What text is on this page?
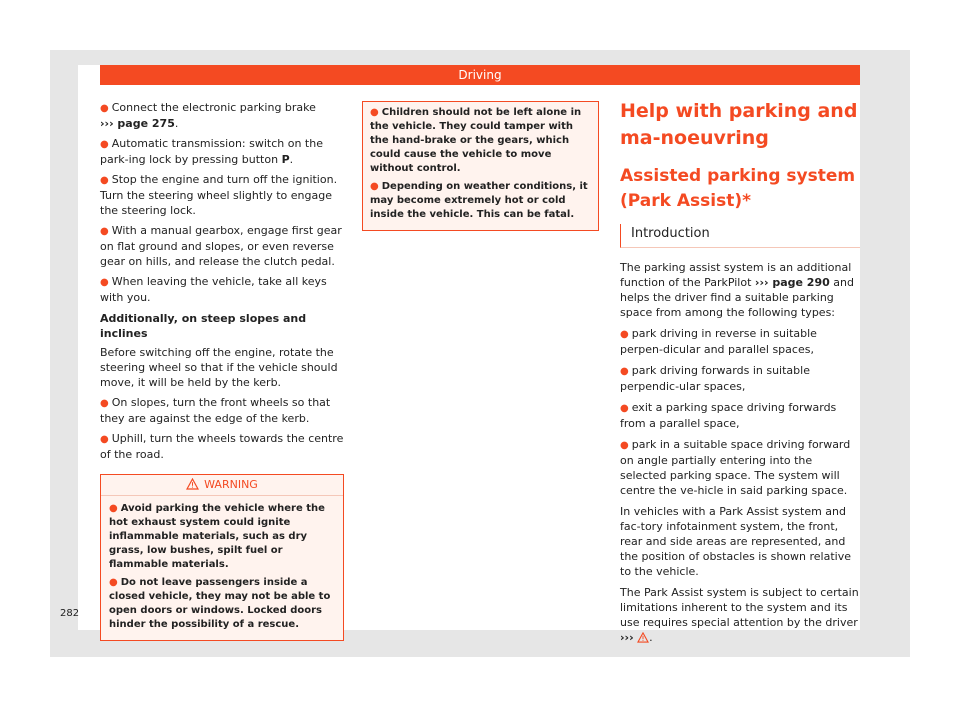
Driving

● Connect the electronic parking brake
››› page 275.

● Automatic transmission: switch on the park-ing lock by pressing button P.

● Stop the engine and turn off the ignition. Turn the steering wheel slightly to engage the steering lock.

● With a manual gearbox, engage first gear on flat ground and slopes, or even reverse gear on hills, and release the clutch pedal.

● When leaving the vehicle, take all keys with you.

Additionally, on steep slopes and inclines

Before switching off the engine, rotate the steering wheel so that if the vehicle should move, it will be held by the kerb.

● On slopes, turn the front wheels so that they are against the edge of the kerb.

● Uphill, turn the wheels towards the centre of the road.

WARNING

● Avoid parking the vehicle where the hot exhaust system could ignite inflammable materials, such as dry grass, low bushes, spilt fuel or flammable materials.

● Do not leave passengers inside a closed vehicle, they may not be able to open doors or windows. Locked doors hinder the possibility of a rescue.

● Children should not be left alone in the vehicle. They could tamper with the hand-brake or the gears, which could cause the vehicle to move without control.

● Depending on weather conditions, it may become extremely hot or cold inside the vehicle. This can be fatal.

Help with parking and ma-noeuvring
Assisted parking system (Park Assist)*
Introduction

The parking assist system is an additional function of the ParkPilot ››› page 290 and helps the driver find a suitable parking space from among the following types:

● park driving in reverse in suitable perpen-dicular and parallel spaces,

● park driving forwards in suitable perpendic-ular spaces,

● exit a parking space driving forwards from a parallel space,

● park in a suitable space driving forward on angle partially entering into the selected parking space. The system will centre the ve-hicle in said parking space.

In vehicles with a Park Assist system and fac-tory infotainment system, the front, rear and side areas are represented, and the position of obstacles is shown relative to the vehicle.

The Park Assist system is subject to certain limitations inherent to the system and its use requires special attention by the driver ››› .

282
